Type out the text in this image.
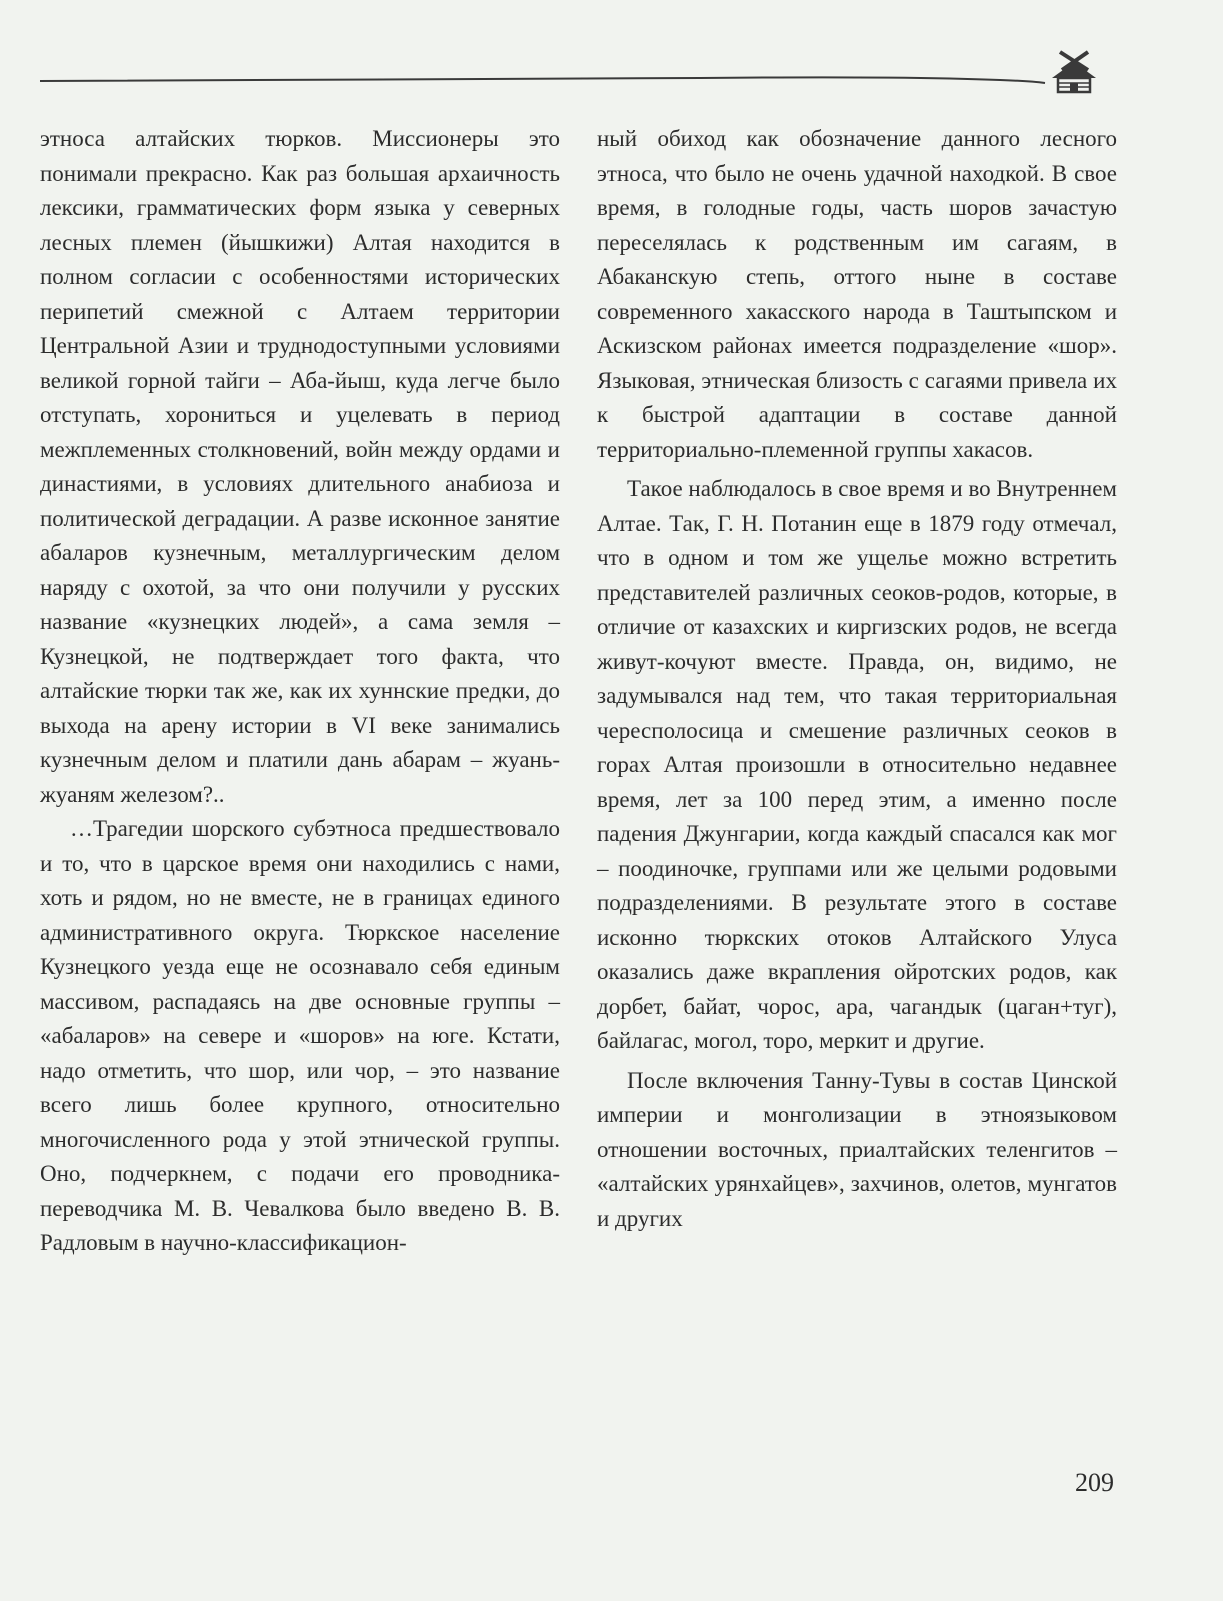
этноса алтайских тюрков. Миссионеры это понимали прекрасно. Как раз большая архаичность лексики, грамматических форм языка у северных лесных племен (йышкижи) Алтая находится в полном согласии с особенностями исторических перипетий смежной с Алтаем территории Центральной Азии и труднодоступными условиями великой горной тайги – Аба-йыш, куда легче было отступать, хорониться и уцелевать в период межплеменных столкновений, войн между ордами и династиями, в условиях длительного анабиоза и политической деградации. А разве исконное занятие абаларов кузнечным, металлургическим делом наряду с охотой, за что они получили у русских название «кузнецких людей», а сама земля – Кузнецкой, не подтверждает того факта, что алтайские тюрки так же, как их хуннские предки, до выхода на арену истории в VI веке занимались кузнечным делом и платили дань абарам – жуань-жуаням железом?..

…Трагедии шорского субэтноса предшествовало и то, что в царское время они находились с нами, хоть и рядом, но не вместе, не в границах единого административного округа. Тюркское население Кузнецкого уезда еще не осознавало себя единым массивом, распадаясь на две основные группы – «абаларов» на севере и «шоров» на юге. Кстати, надо отметить, что шор, или чор, – это название всего лишь более крупного, относительно многочисленного рода у этой этнической группы. Оно, подчеркнем, с подачи его проводника-переводчика М. В. Чевалкова было введено В. В. Радловым в научно-классификацион-

ный обиход как обозначение данного лесного этноса, что было не очень удачной находкой. В свое время, в голодные годы, часть шоров зачастую переселялась к родственным им сагаям, в Абаканскую степь, оттого ныне в составе современного хакасского народа в Таштыпском и Аскизском районах имеется подразделение «шор». Языковая, этническая близость с сагаями привела их к быстрой адаптации в составе данной территориально-племенной группы хакасов.

Такое наблюдалось в свое время и во Внутреннем Алтае. Так, Г. Н. Потанин еще в 1879 году отмечал, что в одном и том же ущелье можно встретить представителей различных сеоков-родов, которые, в отличие от казахских и киргизских родов, не всегда живут-кочуют вместе. Правда, он, видимо, не задумывался над тем, что такая территориальная чересполосица и смешение различных сеоков в горах Алтая произошли в относительно недавнее время, лет за 100 перед этим, а именно после падения Джунгарии, когда каждый спасался как мог – поодиночке, группами или же целыми родовыми подразделениями. В результате этого в составе исконно тюркских отоков Алтайского Улуса оказались даже вкрапления ойротских родов, как дорбет, байат, чорос, ара, чагандык (цаган+туг), байлагас, могол, торо, меркит и другие.

После включения Танну-Тувы в состав Цинской империи и монголизации в этноязыковом отношении восточных, приалтайских теленгитов – «алтайских урянхайцев», захчинов, олетов, мунгатов и других

209
